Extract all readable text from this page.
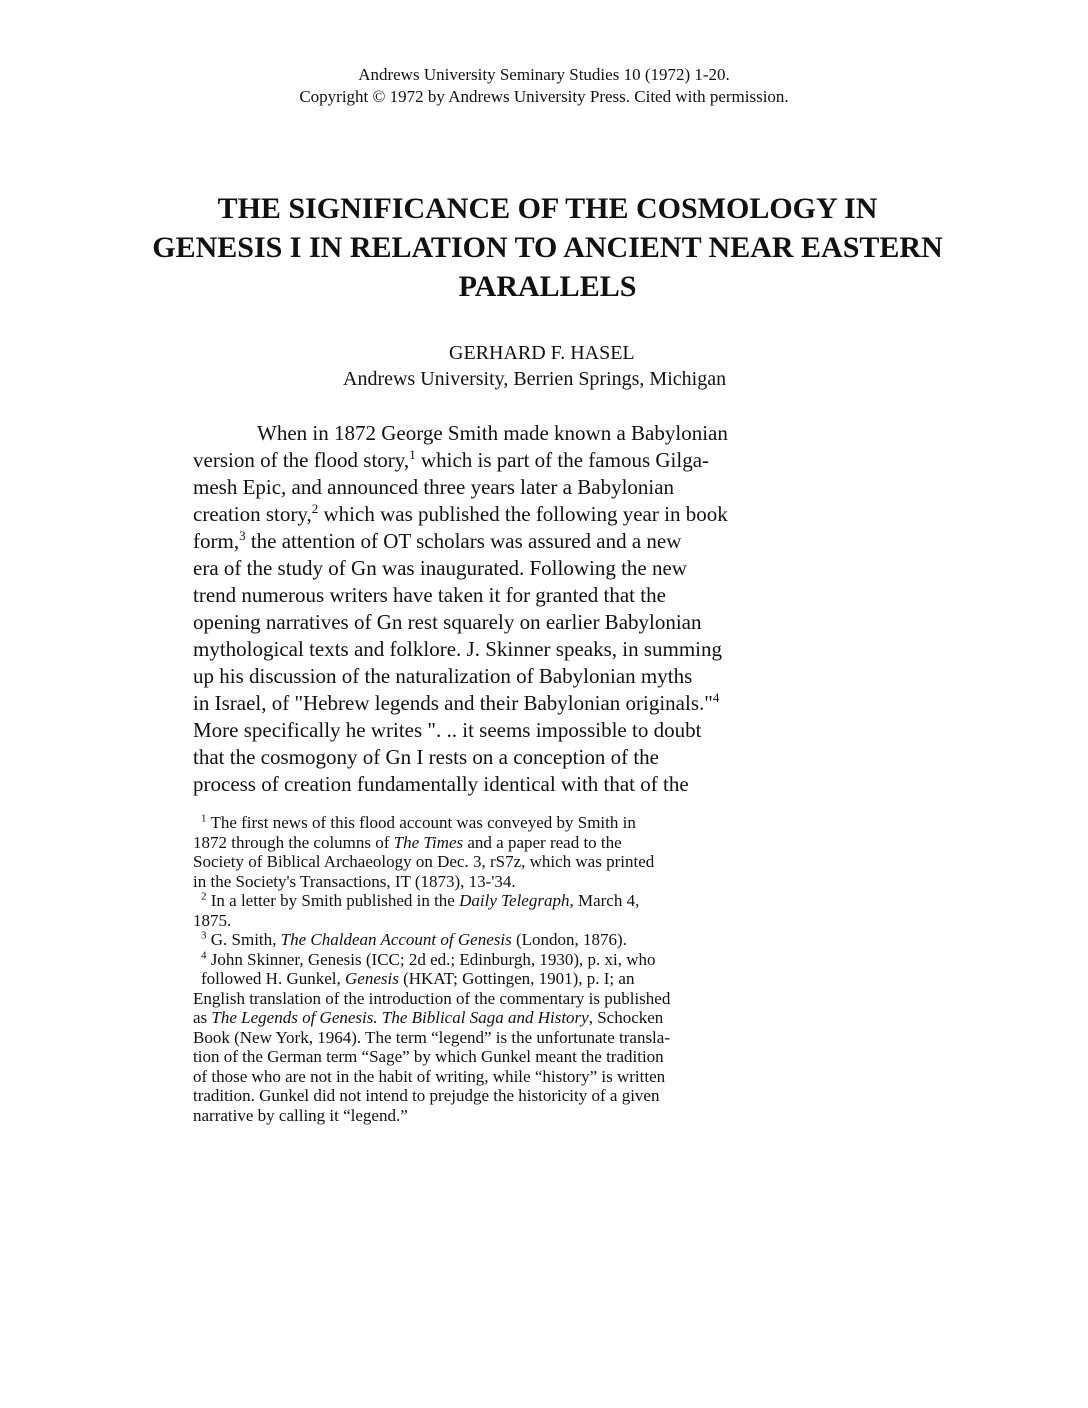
Andrews University Seminary Studies 10 (1972) 1-20.
Copyright © 1972 by Andrews University Press. Cited with permission.
THE SIGNIFICANCE OF THE COSMOLOGY IN GENESIS I IN RELATION TO ANCIENT NEAR EASTERN PARALLELS
GERHARD F. HASEL
Andrews University, Berrien Springs, Michigan
When in 1872 George Smith made known a Babylonian
version of the flood story,$^1$ which is part of the famous Gilga-
mesh Epic, and announced three years later a Babylonian
creation story,$^2$ which was published the following year in book
form,$^3$ the attention of OT scholars was assured and a new
era of the study of Gn was inaugurated. Following the new
trend numerous writers have taken it for granted that the
opening narratives of Gn rest squarely on earlier Babylonian
mythological texts and folklore. J. Skinner speaks, in summing
up his discussion of the naturalization of Babylonian myths
in Israel, of "Hebrew legends and their Babylonian originals."$^4$
More specifically he writes ". .. it seems impossible to doubt
that the cosmogony of Gn I rests on a conception of the
process of creation fundamentally identical with that of the
$^1$ The first news of this flood account was conveyed by Smith in
1872 through the columns of The Times and a paper read to the
Society of Biblical Archaeology on Dec. 3, rS7z, which was printed
in the Society's Transactions, IT (1873), 13-'34.
$^2$ In a letter by Smith published in the Daily Telegraph, March 4,
1875.
$^3$ G. Smith, The Chaldean Account of Genesis (London, 1876).
$^4$ John Skinner, Genesis (ICC; 2d ed.; Edinburgh, 1930), p. xi, who
followed H. Gunkel, Genesis (HKAT; Gottingen, 1901), p. I; an
English translation of the introduction of the commentary is published
as The Legends of Genesis. The Biblical Saga and History, Schocken
Book (New York, 1964). The term “legend” is the unfortunate transla-
tion of the German term “Sage” by which Gunkel meant the tradition
of those who are not in the habit of writing, while “history” is written
tradition. Gunkel did not intend to prejudge the historicity of a given
narrative by calling it “legend.”
